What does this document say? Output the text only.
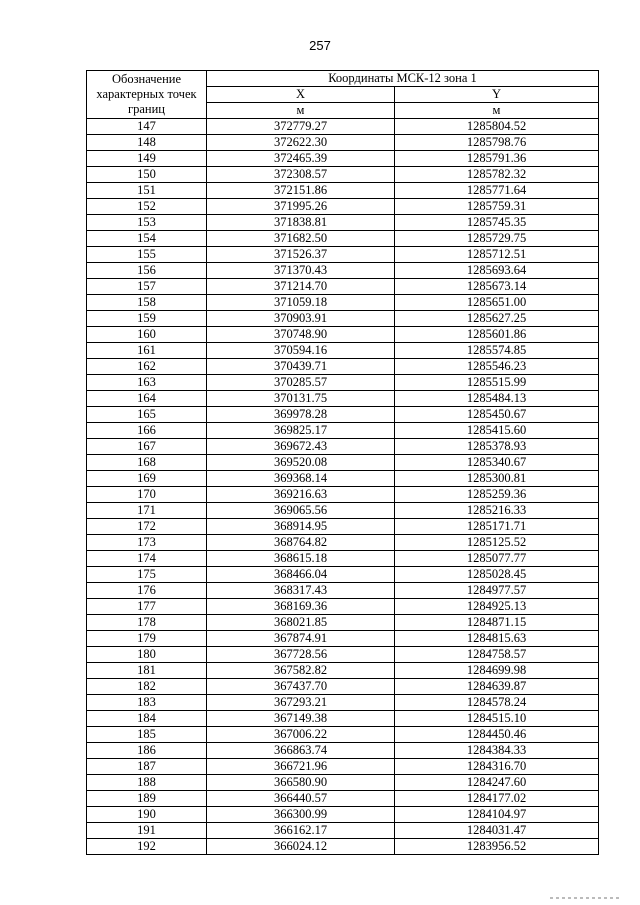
257
Обозначение характерных точек границ	Координаты МСК-12 зона 1	
	X	Y
	м	м
147	372779.27	1285804.52
148	372622.30	1285798.76
149	372465.39	1285791.36
150	372308.57	1285782.32
151	372151.86	1285771.64
152	371995.26	1285759.31
153	371838.81	1285745.35
154	371682.50	1285729.75
155	371526.37	1285712.51
156	371370.43	1285693.64
157	371214.70	1285673.14
158	371059.18	1285651.00
159	370903.91	1285627.25
160	370748.90	1285601.86
161	370594.16	1285574.85
162	370439.71	1285546.23
163	370285.57	1285515.99
164	370131.75	1285484.13
165	369978.28	1285450.67
166	369825.17	1285415.60
167	369672.43	1285378.93
168	369520.08	1285340.67
169	369368.14	1285300.81
170	369216.63	1285259.36
171	369065.56	1285216.33
172	368914.95	1285171.71
173	368764.82	1285125.52
174	368615.18	1285077.77
175	368466.04	1285028.45
176	368317.43	1284977.57
177	368169.36	1284925.13
178	368021.85	1284871.15
179	367874.91	1284815.63
180	367728.56	1284758.57
181	367582.82	1284699.98
182	367437.70	1284639.87
183	367293.21	1284578.24
184	367149.38	1284515.10
185	367006.22	1284450.46
186	366863.74	1284384.33
187	366721.96	1284316.70
188	366580.90	1284247.60
189	366440.57	1284177.02
190	366300.99	1284104.97
191	366162.17	1284031.47
192	366024.12	1283956.52
